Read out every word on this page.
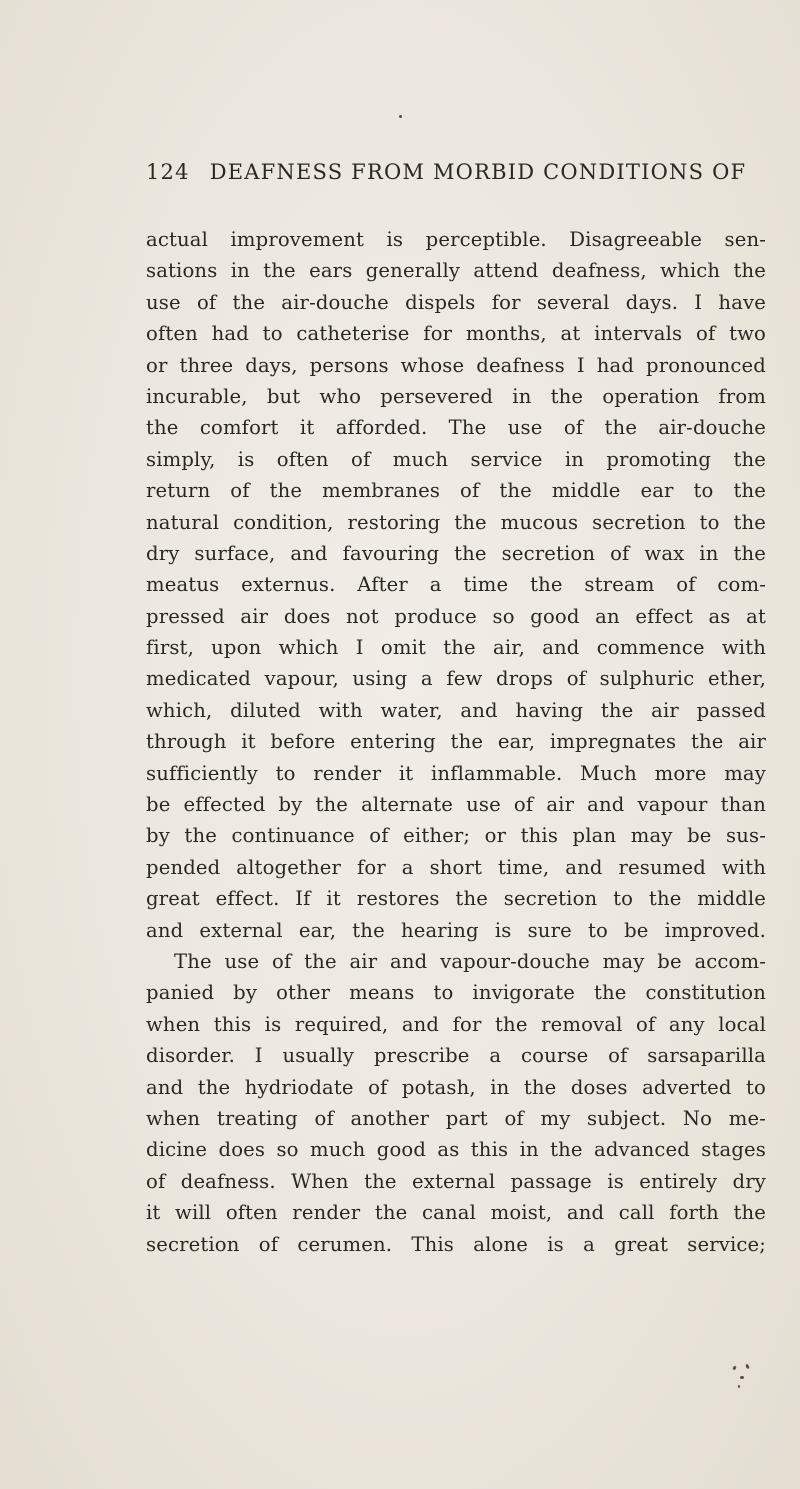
124 DEAFNESS FROM MORBID CONDITIONS OF
actual improvement is perceptible. Disagreeable sen-
sations in the ears generally attend deafness, which the
use of the air-douche dispels for several days. I have
often had to catheterise for months, at intervals of two
or three days, persons whose deafness I had pronounced
incurable, but who persevered in the operation from
the comfort it afforded. The use of the air-douche
simply, is often of much service in promoting the
return of the membranes of the middle ear to the
natural condition, restoring the mucous secretion to the
dry surface, and favouring the secretion of wax in the
meatus externus. After a time the stream of com-
pressed air does not produce so good an effect as at
first, upon which I omit the air, and commence with
medicated vapour, using a few drops of sulphuric ether,
which, diluted with water, and having the air passed
through it before entering the ear, impregnates the air
sufficiently to render it inflammable. Much more may
be effected by the alternate use of air and vapour than
by the continuance of either; or this plan may be sus-
pended altogether for a short time, and resumed with
great effect. If it restores the secretion to the middle
and external ear, the hearing is sure to be improved.
The use of the air and vapour-douche may be accom-
panied by other means to invigorate the constitution
when this is required, and for the removal of any local
disorder. I usually prescribe a course of sarsaparilla
and the hydriodate of potash, in the doses adverted to
when treating of another part of my subject. No me-
dicine does so much good as this in the advanced stages
of deafness. When the external passage is entirely dry
it will often render the canal moist, and call forth the
secretion of cerumen. This alone is a great service;
